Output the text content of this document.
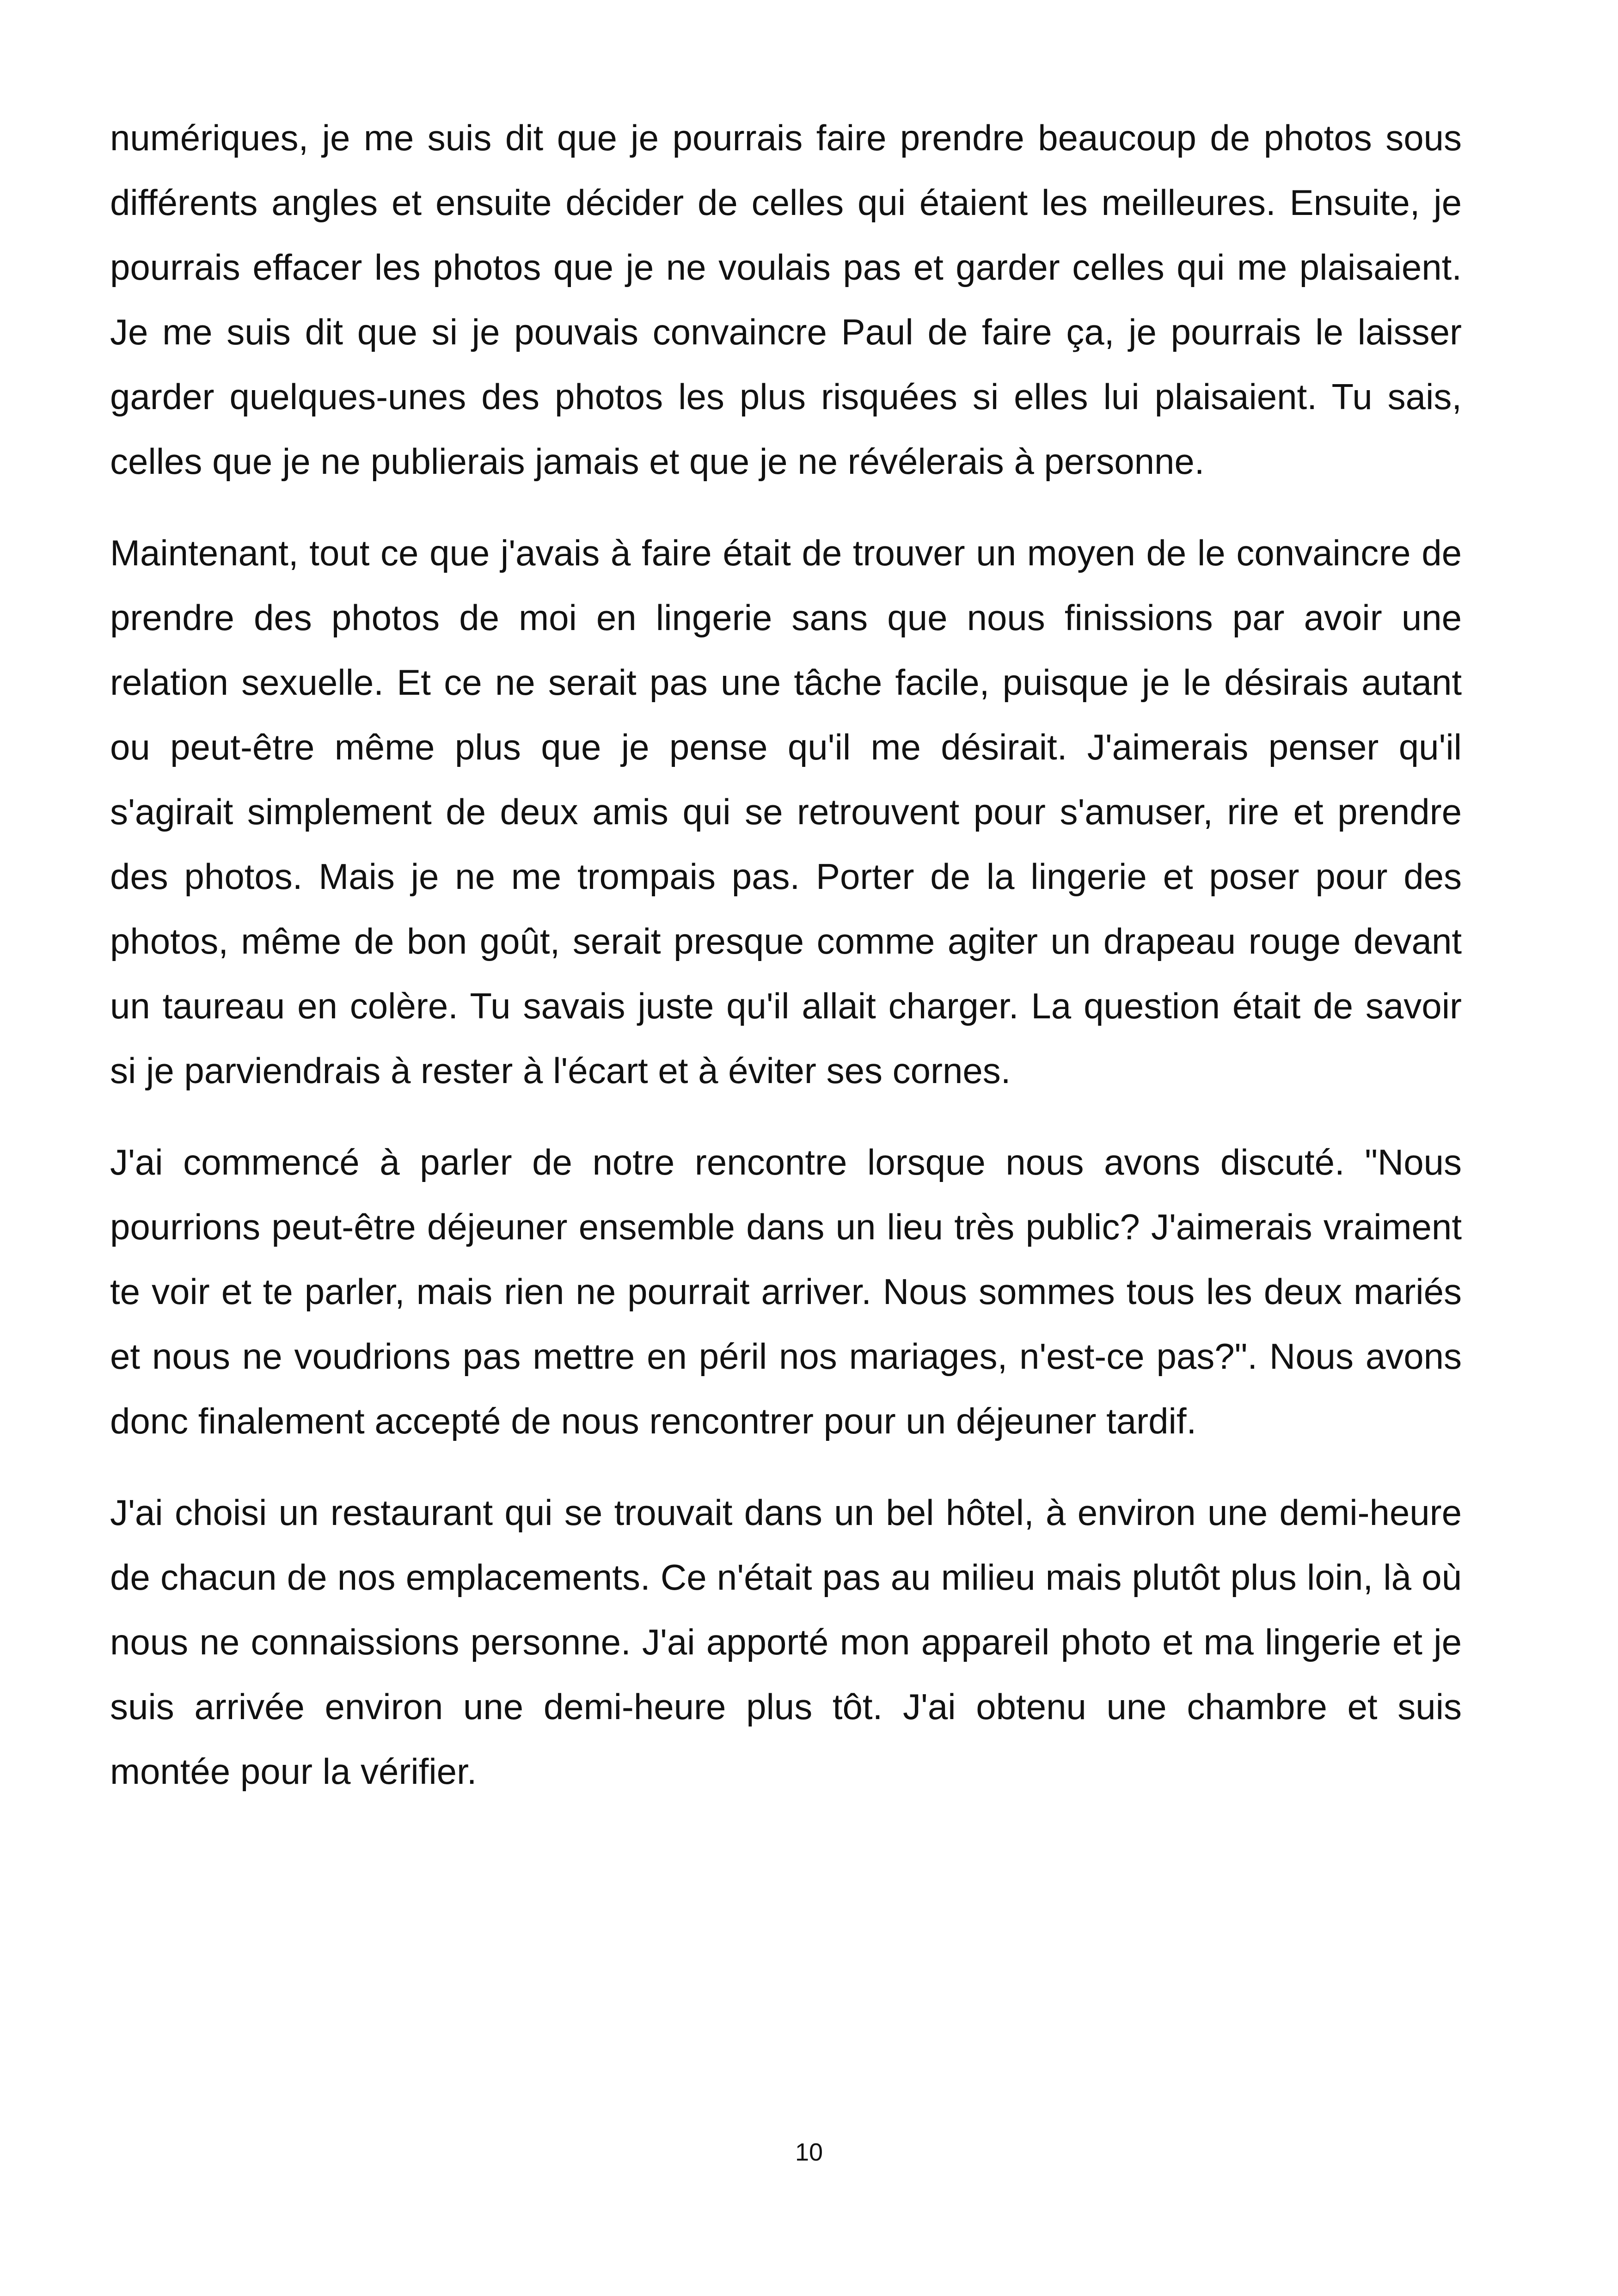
numériques, je me suis dit que je pourrais faire prendre beaucoup de photos sous différents angles et ensuite décider de celles qui étaient les meilleures. Ensuite, je pourrais effacer les photos que je ne voulais pas et garder celles qui me plaisaient. Je me suis dit que si je pouvais convaincre Paul de faire ça, je pourrais le laisser garder quelques-unes des photos les plus risquées si elles lui plaisaient. Tu sais, celles que je ne publierais jamais et que je ne révélerais à personne.

Maintenant, tout ce que j'avais à faire était de trouver un moyen de le convaincre de prendre des photos de moi en lingerie sans que nous finissions par avoir une relation sexuelle. Et ce ne serait pas une tâche facile, puisque je le désirais autant ou peut-être même plus que je pense qu'il me désirait. J'aimerais penser qu'il s'agirait simplement de deux amis qui se retrouvent pour s'amuser, rire et prendre des photos. Mais je ne me trompais pas. Porter de la lingerie et poser pour des photos, même de bon goût, serait presque comme agiter un drapeau rouge devant un taureau en colère. Tu savais juste qu'il allait charger. La question était de savoir si je parviendrais à rester à l'écart et à éviter ses cornes.

J'ai commencé à parler de notre rencontre lorsque nous avons discuté. "Nous pourrions peut-être déjeuner ensemble dans un lieu très public? J'aimerais vraiment te voir et te parler, mais rien ne pourrait arriver. Nous sommes tous les deux mariés et nous ne voudrions pas mettre en péril nos mariages, n'est-ce pas?". Nous avons donc finalement accepté de nous rencontrer pour un déjeuner tardif.

J'ai choisi un restaurant qui se trouvait dans un bel hôtel, à environ une demi-heure de chacun de nos emplacements. Ce n'était pas au milieu mais plutôt plus loin, là où nous ne connaissions personne. J'ai apporté mon appareil photo et ma lingerie et je suis arrivée environ une demi-heure plus tôt. J'ai obtenu une chambre et suis montée pour la vérifier.

10
